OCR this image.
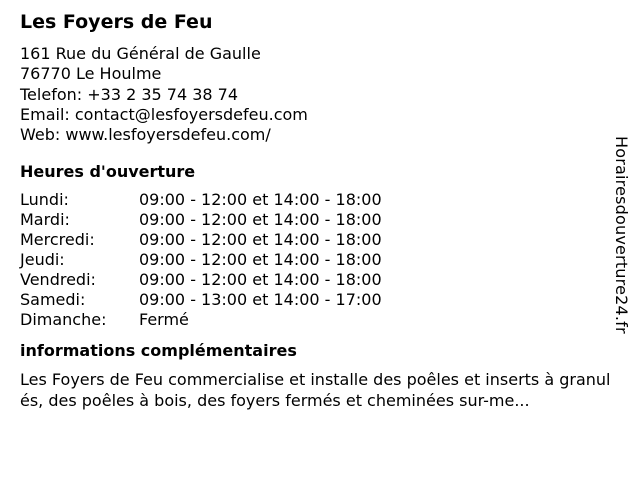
Les Foyers de Feu
161 Rue du Général de Gaulle
76770 Le Houlme
Telefon: +33 2 35 74 38 74
Email: contact@lesfoyersdefeu.com
Web: www.lesfoyersdefeu.com/
Heures d'ouverture
Lundi:	09:00 - 12:00 et 14:00 - 18:00
Mardi:	09:00 - 12:00 et 14:00 - 18:00
Mercredi:	09:00 - 12:00 et 14:00 - 18:00
Jeudi:	09:00 - 12:00 et 14:00 - 18:00
Vendredi:	09:00 - 12:00 et 14:00 - 18:00
Samedi:	09:00 - 13:00 et 14:00 - 17:00
Dimanche:	Fermé
informations complémentaires
Les Foyers de Feu commercialise et installe des poêles et inserts à granulés, des poêles à bois, des foyers fermés et cheminées sur-me...
Horairesdouverture24.fr
